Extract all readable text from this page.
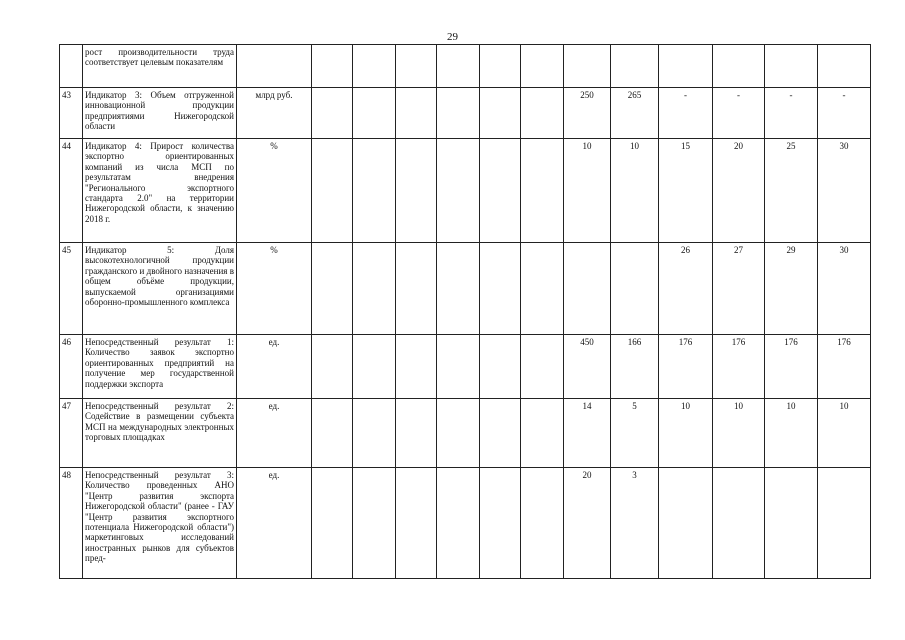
29
	рост производительности труда соответствует целевым показателям													
43	Индикатор 3: Объем отгруженной инновационной продукции предприятиями Нижегородской области	млрд руб.							250	265	-	-	-	-
44	Индикатор 4: Прирост количества экспортно ориентированных компаний из числа МСП по результатам внедрения "Регионального экспортного стандарта 2.0" на территории Нижегородской области, к значению 2018 г.	%							10	10	15	20	25	30
45	Индикатор 5: Доля высокотехнологичной продукции гражданского и двойного назначения в общем объёме продукции, выпускаемой организациями оборонно-промышленного комплекса	%									26	27	29	30
46	Непосредственный результат 1: Количество заявок экспортно ориентированных предприятий на получение мер государственной поддержки экспорта	ед.							450	166	176	176	176	176
47	Непосредственный результат 2: Содействие в размещении субъекта МСП на международных электронных торговых площадках	ед.							14	5	10	10	10	10
48	Непосредственный результат 3: Количество проведенных АНО "Центр развития экспорта Нижегородской области" (ранее - ГАУ "Центр развития экспортного потенциала Нижегородской области") маркетинговых исследований иностранных рынков для субъектов пред-	ед.							20	3				
